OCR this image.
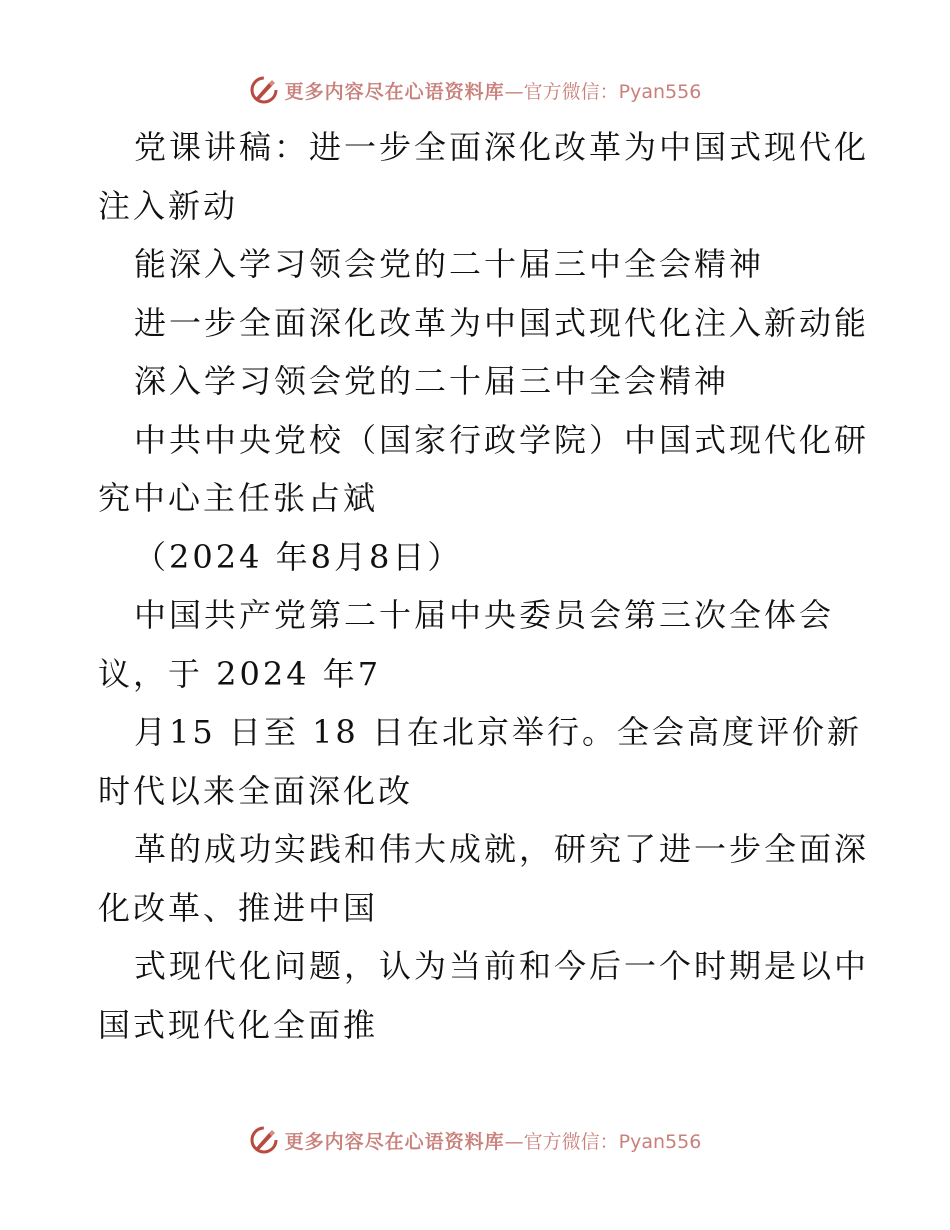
更多内容尽在心语资料库 —官方微信：Pyan556
党课讲稿：进一步全面深化改革为中国式现代化
注入新动
能深入学习领会党的二十届三中全会精神
进一步全面深化改革为中国式现代化注入新动能
深入学习领会党的二十届三中全会精神
中共中央党校（国家行政学院）中国式现代化研
究中心主任张占斌
（2024 年8月8日）
中国共产党第二十届中央委员会第三次全体会
议，于 2024 年7
月15 日至 18 日在北京举行。全会高度评价新
时代以来全面深化改
革的成功实践和伟大成就，研究了进一步全面深
化改革、推进中国
式现代化问题，认为当前和今后一个时期是以中
国式现代化全面推
更多内容尽在心语资料库 —官方微信：Pyan556
